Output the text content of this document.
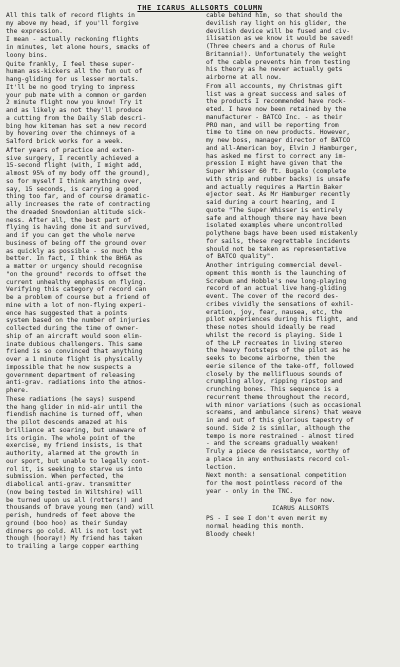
THE ICARUS ALLSORTS COLUMN

All this talk of record flights in
my above my head, if you'll forgive
the expression.

I mean - actually reckoning flights
in minutes, let alone hours, smacks of
loony bins.

Quite frankly, I feel these super-
human ass-kickers all tho fun out of
hang-gliding for us lesser mortals.
It'll be no good trying to impress
your pub mate with a common or garden
2 minute flight now you know! Try it
and as likely as not they'll produce
a cutting from the Daily Slab descri-
bing how kiteman has set a new record
by hovering over the chimneys of a
Salford brick works for a week.

After years of practice and exten-
sive surgery, I recently achieved a
15-second flight (with, I might add,
almost 95% of my body off the ground),
so for myself I think anything over,
say, 15 seconds, is carrying a good
thing too far, and of course dramatic-
ally increases the rate of contracting
the dreaded Snowdonian altitude sick-
ness. After all, the best part of
flying is having done it and survived,
and if you can get the whole nerve
business of being off the ground over
as quickly as possible - so much the
better. In fact, I think the BHGA as
a matter or urgency should recognise
"on the ground" records to offset the
current unhealthy emphasis on flying.
Verifying this category of record can
be a problem of course but a friend of
mine with a lot of non-flying experi-
ence has suggested that a points
system based on the number of injuries
collected during the time of owner-
ship of an aircraft would soon elim-
inate dubious challengers. This same
friend is so convinced that anything
over a 1 minute flight is physically
impossible that he now suspects a
government department of releasing
anti-grav. radiations into the atmos-
phere.

These radiations (he says) suspend
the hang glider in mid-air until the
fiendish machine is turned off, when
the pilot descends amazed at his
brilliance at soaring, but unaware of
its origin. The whole point of the
exercise, my friend insists, is that
authority, alarmed at the growth in
our sport, but unable to legally cont-
rol it, is seeking to starve us into
submission. When perfected, the
diabolical anti-grav. transmitter
(now being tested in Wiltshire) will
be turned upon us all (rotters!) and
thousands of brave young men (and) will
perish, hundreds of feet above the
ground (boo hoo) as their Sunday
dinners go cold. All is not lost yet
though (hooray!) My friend has taken
to trailing a large copper earthing

cable behind him, so that should the
devilish ray light on his glider, the
devilish device will be fused and civ-
ilisation as we know it would be saved!
(Three cheers and a chorus of Rule
Britannia!). Unfortunately the weight
of the cable prevents him from testing
his theory as he never actually gets
airborne at all now.

From all accounts, my Christmas gift
list was a great success and sales of
the products I recommended have rock-
eted. I have now been retained by the
manufacturer - BATCO Inc. - as their
PRO man, and will be reporting from
time to time on new products. However,
my new boss, manager director of BATCO
and all-American boy, Elvin J Hamburger,
has asked me first to correct any im-
pression I might have given that the
Super Whisser 60 ft. Bugalo (complete
with strip and rubber backs) is unsafe
and actually requires a Martin Baker
ejector seat. As Mr Hamburger recently
said during a court hearing, and I
quote "The Super Whisser is entirely
safe and although there may have been
isolated examples where uncontrolled
polythene bags have been used mistakenly
for sails, these regrettable incidents
should not be taken as representative
of BATCO quality".

Another intriguing commercial devel-
opment this month is the launching of
Screbum and Hobble's new long-playing
record of an actual live hang-gliding
event. The cover of the record des-
cribes vividly the sensations of exhil-
eration, joy, fear, nausea, etc, the
pilot experiences during his flight, and
these notes should ideally be read
whilst the record is playing. Side 1
of the LP recreates in living stereo
the heavy footsteps of the pilot as he
seeks to become airborne, then the
eerie silence of the take-off, followed
closely by the mellifluous sounds of
crumpling alloy, ripping ripstop and
crunching bones. This sequence is a
recurrent theme throughout the record,
with minor variations (such as occasional
screams, and ambulance sirens) that weave
in and out of this glorious tapestry of
sound. Side 2 is similar, although the
tempo is more restrained - almost tired
- and the screams gradually weaken!
Truly a piece de resistance, worthy of
a place in any enthusiasts record col-
lection.

Next month: a sensational competition
for the most pointless record of the
year - only in the TNC.

Bye for now.

ICARUS ALLSORTS

PS - I see I don't even merit my
normal heading this month.
Bloody cheek!
